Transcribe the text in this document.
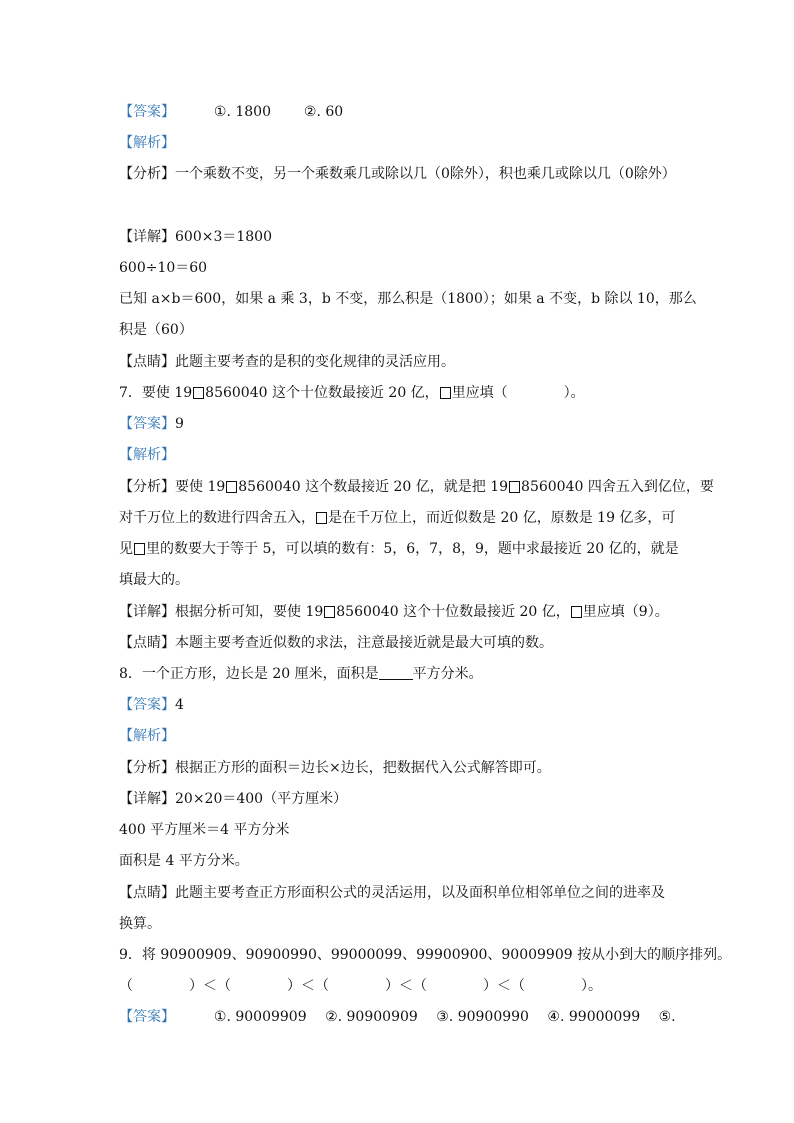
【答案】	①. 1800 ②. 60
【解析】
【分析】一个乘数不变，另一个乘数乘几或除以几（0除外），积也乘几或除以几（0除外）
【详解】600×3＝1800
600÷10＝60
已知 a×b＝600，如果 a 乘 3，b 不变，那么积是（1800）；如果 a 不变，b 除以 10，那么
积是（60）
【点睛】此题主要考查的是积的变化规律的灵活应用。
7．要使 19 8560040 这个十位数最接近 20 亿， 里应填（　　　　）。
【答案】9
【解析】
【分析】要使 19 8560040 这个数最接近 20 亿，就是把 19 8560040 四舍五入到亿位，要
对千万位上的数进行四舍五入， 是在千万位上，而近似数是 20 亿，原数是 19 亿多，可
见 里的数要大于等于 5，可以填的数有：5，6，7，8，9，题中求最接近 20 亿的，就是
填最大的。
【详解】根据分析可知，要使 19 8560040 这个十位数最接近 20 亿， 里应填（9）。
【点睛】本题主要考查近似数的求法，注意最接近就是最大可填的数。
8．一个正方形，边长是 20 厘米，面积是 平方分米。
【答案】4
【解析】
【分析】根据正方形的面积＝边长×边长，把数据代入公式解答即可。
【详解】20×20＝400（平方厘米）
400 平方厘米＝4 平方分米
面积是 4 平方分米。
【点睛】此题主要考查正方形面积公式的灵活运用，以及面积单位相邻单位之间的进率及
换算。
9．将 90900909、90900990、99000099、99900900、90009909 按从小到大的顺序排列。
（　　　　）＜（　　　　）＜（　　　　）＜（　　　　）＜（　　　　）。
【答案】	①. 90009909 ②. 90900909 ③. 90900990 ④. 99000099 ⑤.
